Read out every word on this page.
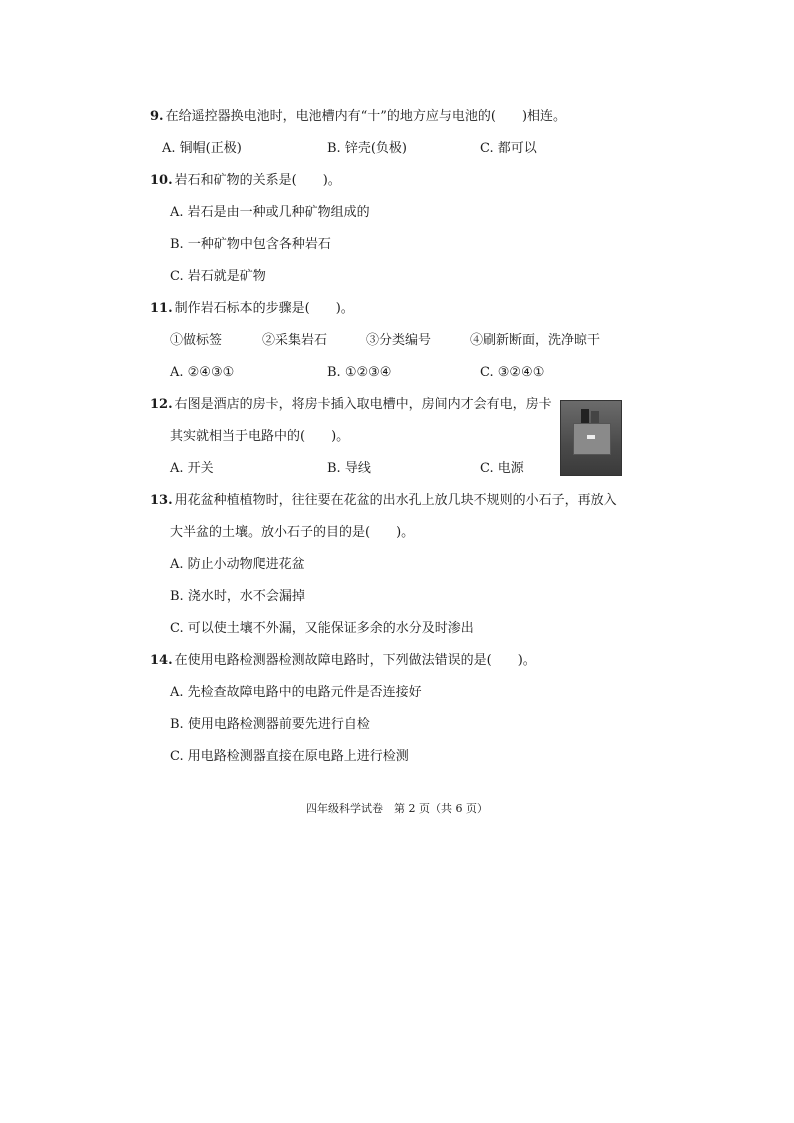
9. 在给遥控器换电池时，电池槽内有“十”的地方应与电池的(　　)相连。
A. 铜帽(正极)	B. 锌壳(负极)	C. 都可以
10. 岩石和矿物的关系是(　　)。
A. 岩石是由一种或几种矿物组成的
B. 一种矿物中包含各种岩石
C. 岩石就是矿物
11. 制作岩石标本的步骤是(　　)。
①做标签	②采集岩石	③分类编号	④刷新断面，洗净晾干
A. ②④③①	B. ①②③④	C. ③②④①
12. 右图是酒店的房卡，将房卡插入取电槽中，房间内才会有电，房卡
其实就相当于电路中的(　　)。
A. 开关	B. 导线	C. 电源
13. 用花盆种植植物时，往往要在花盆的出水孔上放几块不规则的小石子，再放入
大半盆的土壤。放小石子的目的是(　　)。
A. 防止小动物爬进花盆
B. 浇水时，水不会漏掉
C. 可以使土壤不外漏，又能保证多余的水分及时渗出
14. 在使用电路检测器检测故障电路时，下列做法错误的是(　　)。
A. 先检查故障电路中的电路元件是否连接好
B. 使用电路检测器前要先进行自检
C. 用电路检测器直接在原电路上进行检测
四年级科学试卷　第 2 页（共 6 页）
